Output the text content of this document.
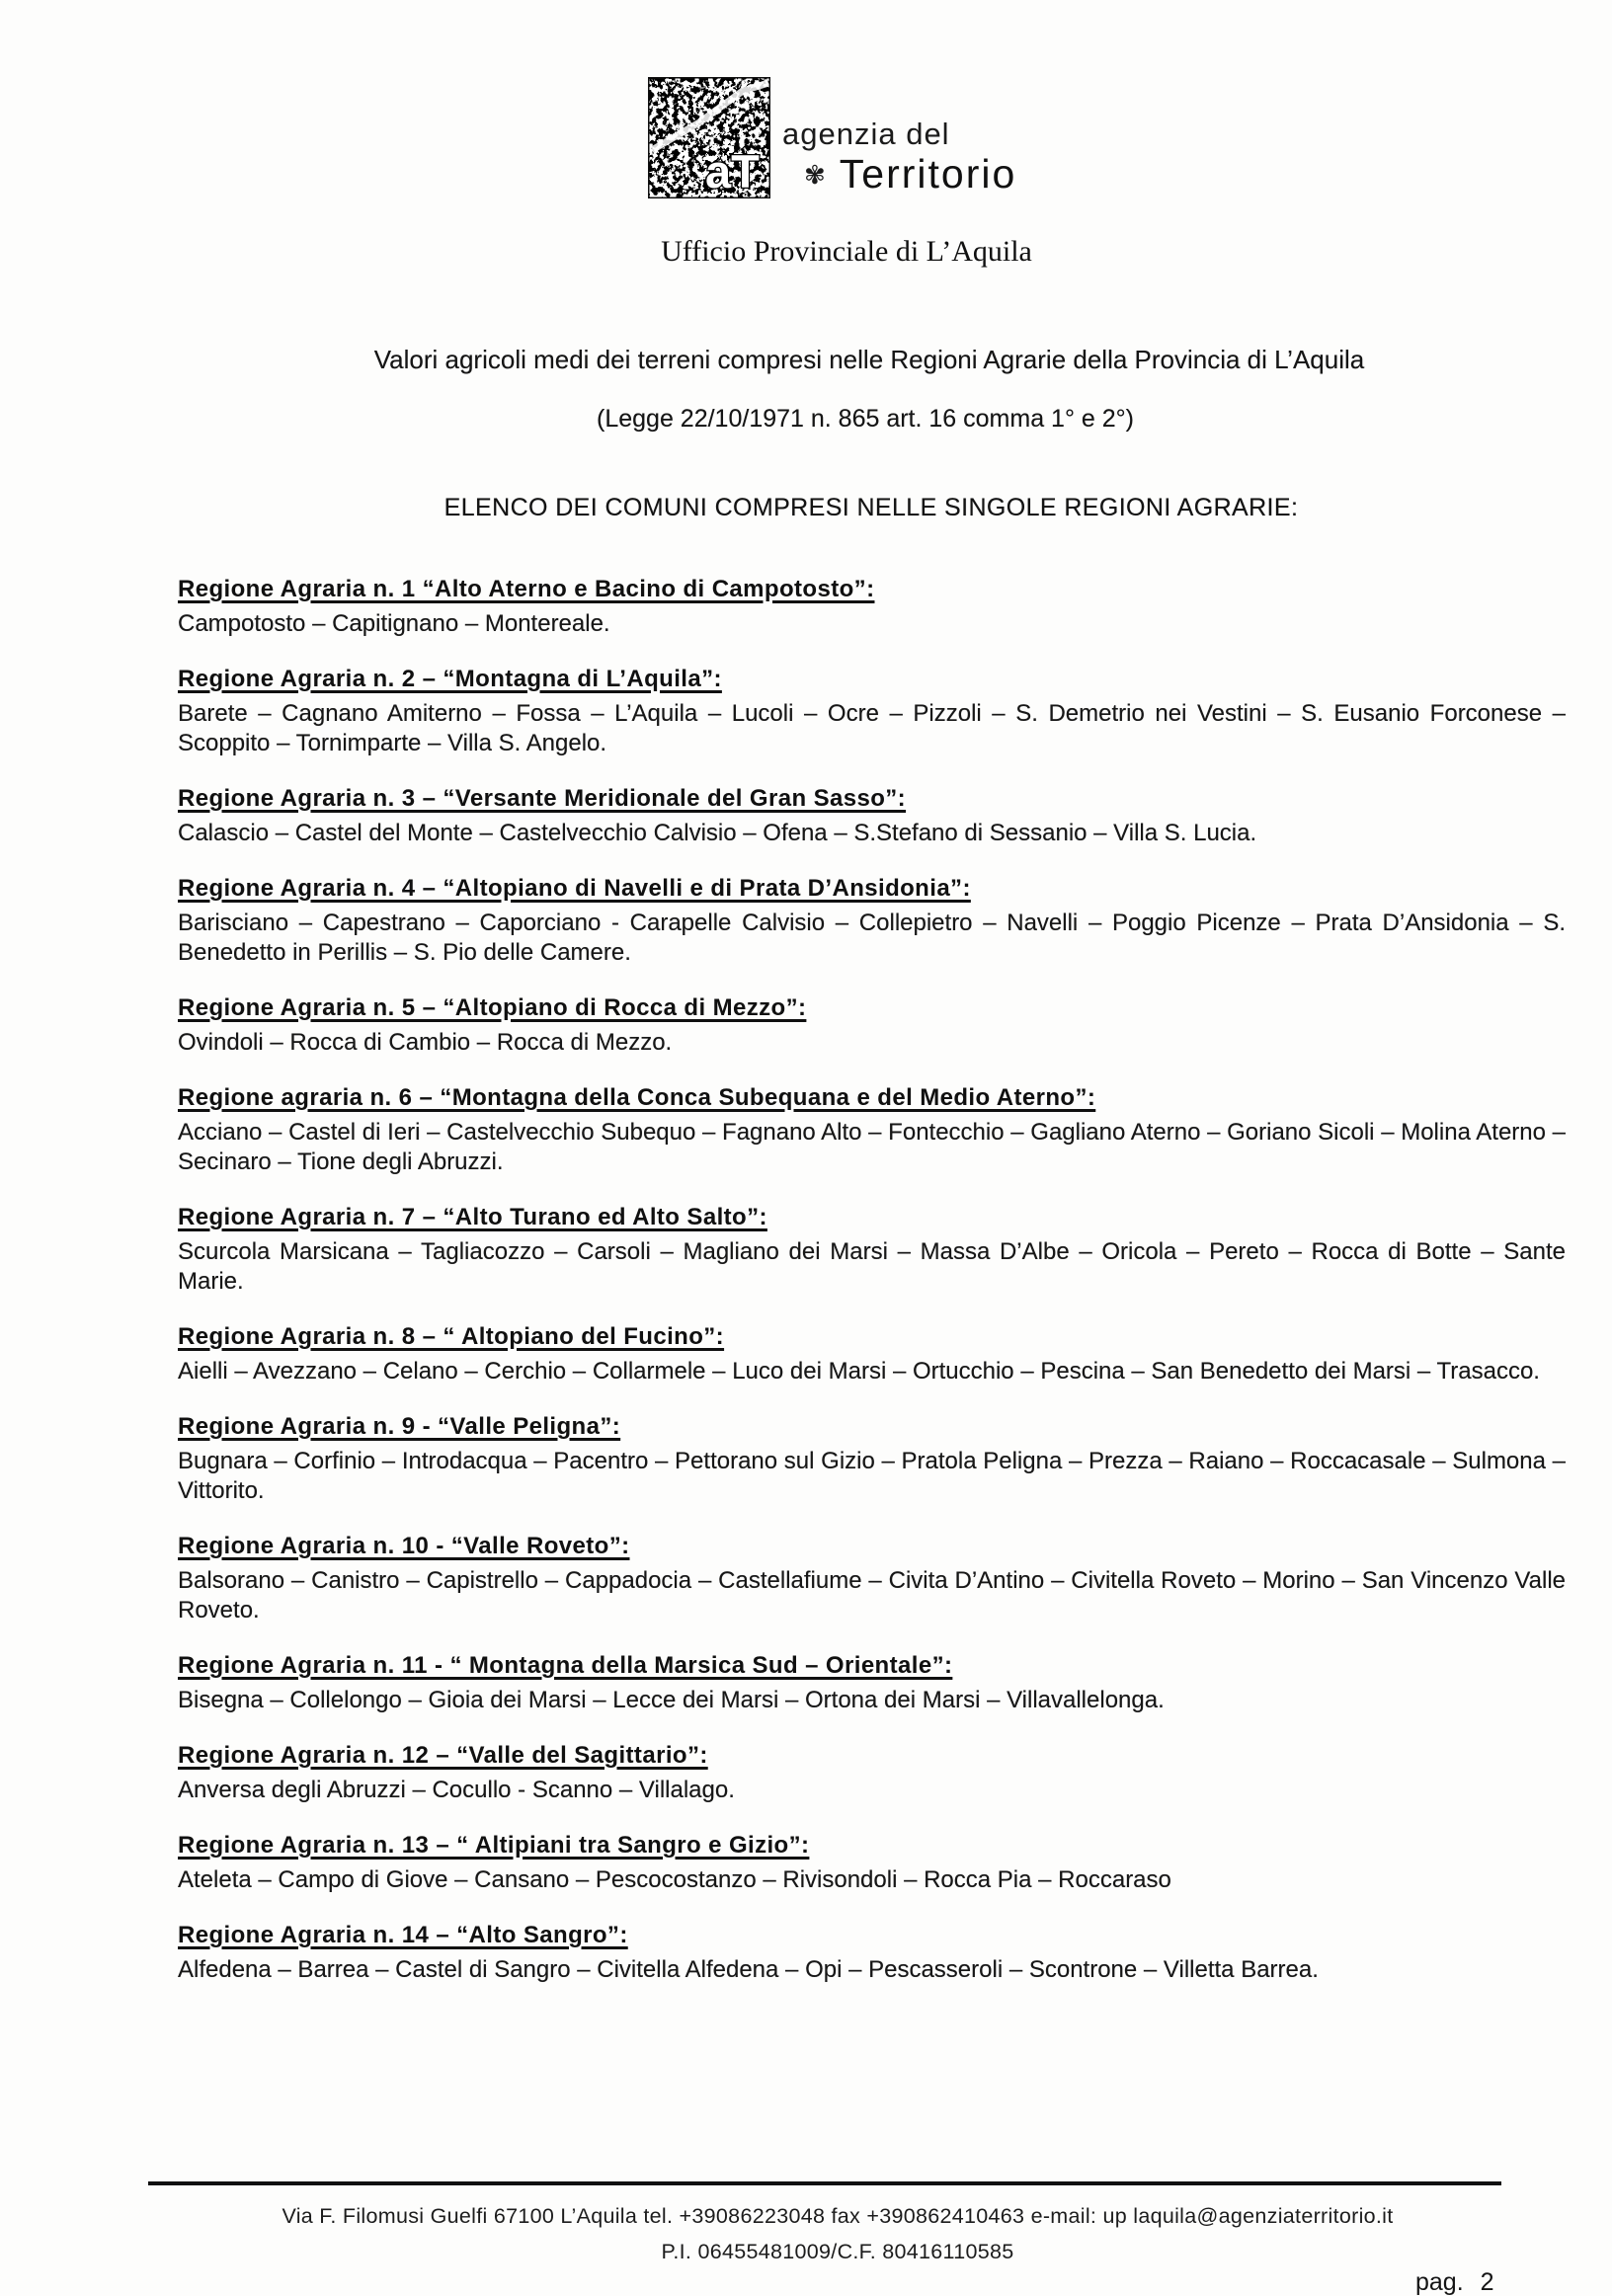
aT
agenzia del
✾ Territorio
Ufficio Provinciale di L’Aquila
Valori agricoli medi dei terreni compresi nelle Regioni Agrarie della Provincia di L’Aquila
(Legge 22/10/1971 n. 865 art. 16 comma 1° e 2°)
ELENCO DEI COMUNI COMPRESI NELLE SINGOLE REGIONI AGRARIE:
Regione Agraria n. 1 “Alto Aterno e Bacino di Campotosto”:

Campotosto – Capitignano – Montereale.

Regione Agraria n. 2 – “Montagna di L’Aquila”:

Barete – Cagnano Amiterno – Fossa – L’Aquila – Lucoli – Ocre – Pizzoli – S. Demetrio nei Vestini – S. Eusanio Forconese – Scoppito – Tornimparte – Villa S. Angelo.

Regione Agraria n. 3 – “Versante Meridionale del Gran Sasso”:

Calascio – Castel del Monte – Castelvecchio Calvisio – Ofena – S.Stefano di Sessanio – Villa S. Lucia.

Regione Agraria n. 4 – “Altopiano di Navelli e di Prata D’Ansidonia”:

Barisciano – Capestrano – Caporciano - Carapelle Calvisio – Collepietro – Navelli – Poggio Picenze – Prata D’Ansidonia – S. Benedetto in Perillis – S. Pio delle Camere.

Regione Agraria n. 5 – “Altopiano di Rocca di Mezzo”:

Ovindoli – Rocca di Cambio – Rocca di Mezzo.

Regione agraria n. 6 – “Montagna della Conca Subequana e del Medio Aterno”:

Acciano – Castel di Ieri – Castelvecchio Subequo – Fagnano Alto – Fontecchio – Gagliano Aterno – Goriano Sicoli – Molina Aterno – Secinaro – Tione degli Abruzzi.

Regione Agraria n. 7 – “Alto Turano ed Alto Salto”:

Scurcola Marsicana – Tagliacozzo – Carsoli – Magliano dei Marsi – Massa D’Albe – Oricola – Pereto – Rocca di Botte – Sante Marie.

Regione Agraria n. 8 – “ Altopiano del Fucino”:

Aielli – Avezzano – Celano – Cerchio – Collarmele – Luco dei Marsi – Ortucchio – Pescina – San Benedetto dei Marsi – Trasacco.

Regione Agraria n. 9 - “Valle Peligna”:

Bugnara – Corfinio – Introdacqua – Pacentro – Pettorano sul Gizio – Pratola Peligna – Prezza – Raiano – Roccacasale – Sulmona – Vittorito.

Regione Agraria n. 10 - “Valle Roveto”:

Balsorano – Canistro – Capistrello – Cappadocia – Castellafiume – Civita D’Antino – Civitella Roveto – Morino – San Vincenzo Valle Roveto.

Regione Agraria n. 11 - “ Montagna della Marsica Sud – Orientale”:

Bisegna – Collelongo – Gioia dei Marsi – Lecce dei Marsi – Ortona dei Marsi – Villavallelonga.

Regione Agraria n. 12 – “Valle del Sagittario”:

Anversa degli Abruzzi – Cocullo - Scanno – Villalago.

Regione Agraria n. 13 – “ Altipiani tra Sangro e Gizio”:

Ateleta – Campo di Giove – Cansano – Pescocostanzo – Rivisondoli – Rocca Pia – Roccaraso

Regione Agraria n. 14 – “Alto Sangro”:

Alfedena – Barrea – Castel di Sangro – Civitella Alfedena – Opi – Pescasseroli – Scontrone – Villetta Barrea.

Via F. Filomusi Guelfi 67100 L’Aquila tel. +39086223048 fax +390862410463 e-mail: up laquila@agenziaterritorio.it
P.I. 06455481009/C.F. 80416110585
pag. 2
